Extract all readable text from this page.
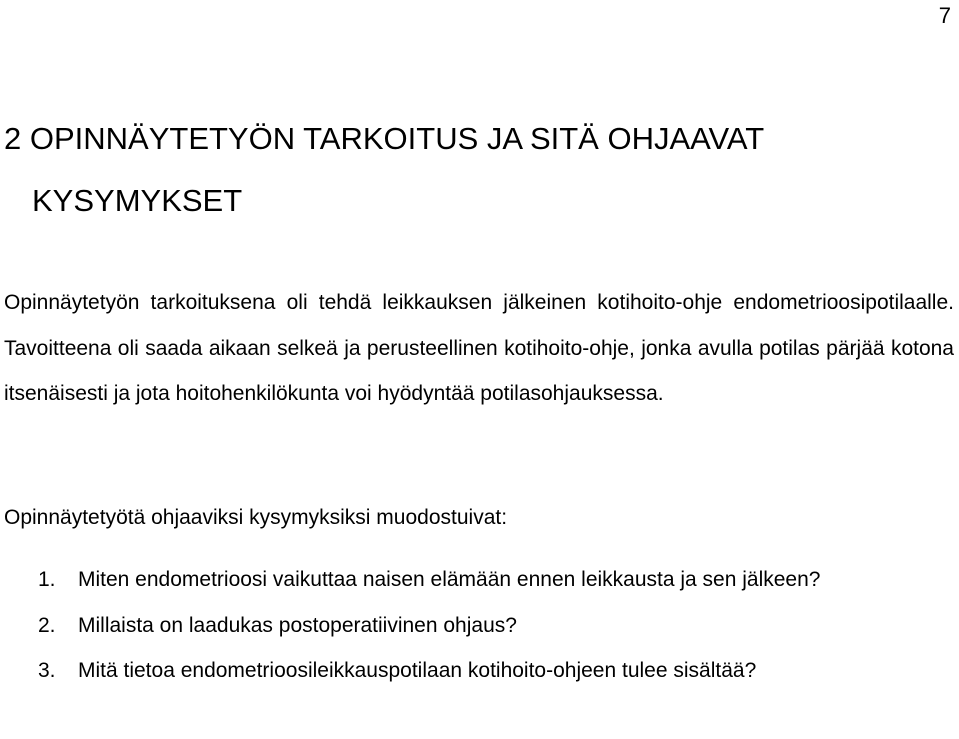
7
2 OPINNÄYTETYÖN TARKOITUS JA SITÄ OHJAAVAT
KYSYMYKSET

Opinnäytetyön tarkoituksena oli tehdä leikkauksen jälkeinen kotihoito-ohje endometrioosipotilaalle. Tavoitteena oli saada aikaan selkeä ja perusteellinen kotihoito-ohje, jonka avulla potilas pärjää kotona itsenäisesti ja jota hoitohenkilökunta voi hyödyntää potilasohjauksessa.

Opinnäytetyötä ohjaaviksi kysymyksiksi muodostuivat:

1.	Miten endometrioosi vaikuttaa naisen elämään ennen leikkausta ja sen jälkeen?
2.	Millaista on laadukas postoperatiivinen ohjaus?
3.	Mitä tietoa endometrioosileikkauspotilaan kotihoito-ohjeen tulee sisältää?
